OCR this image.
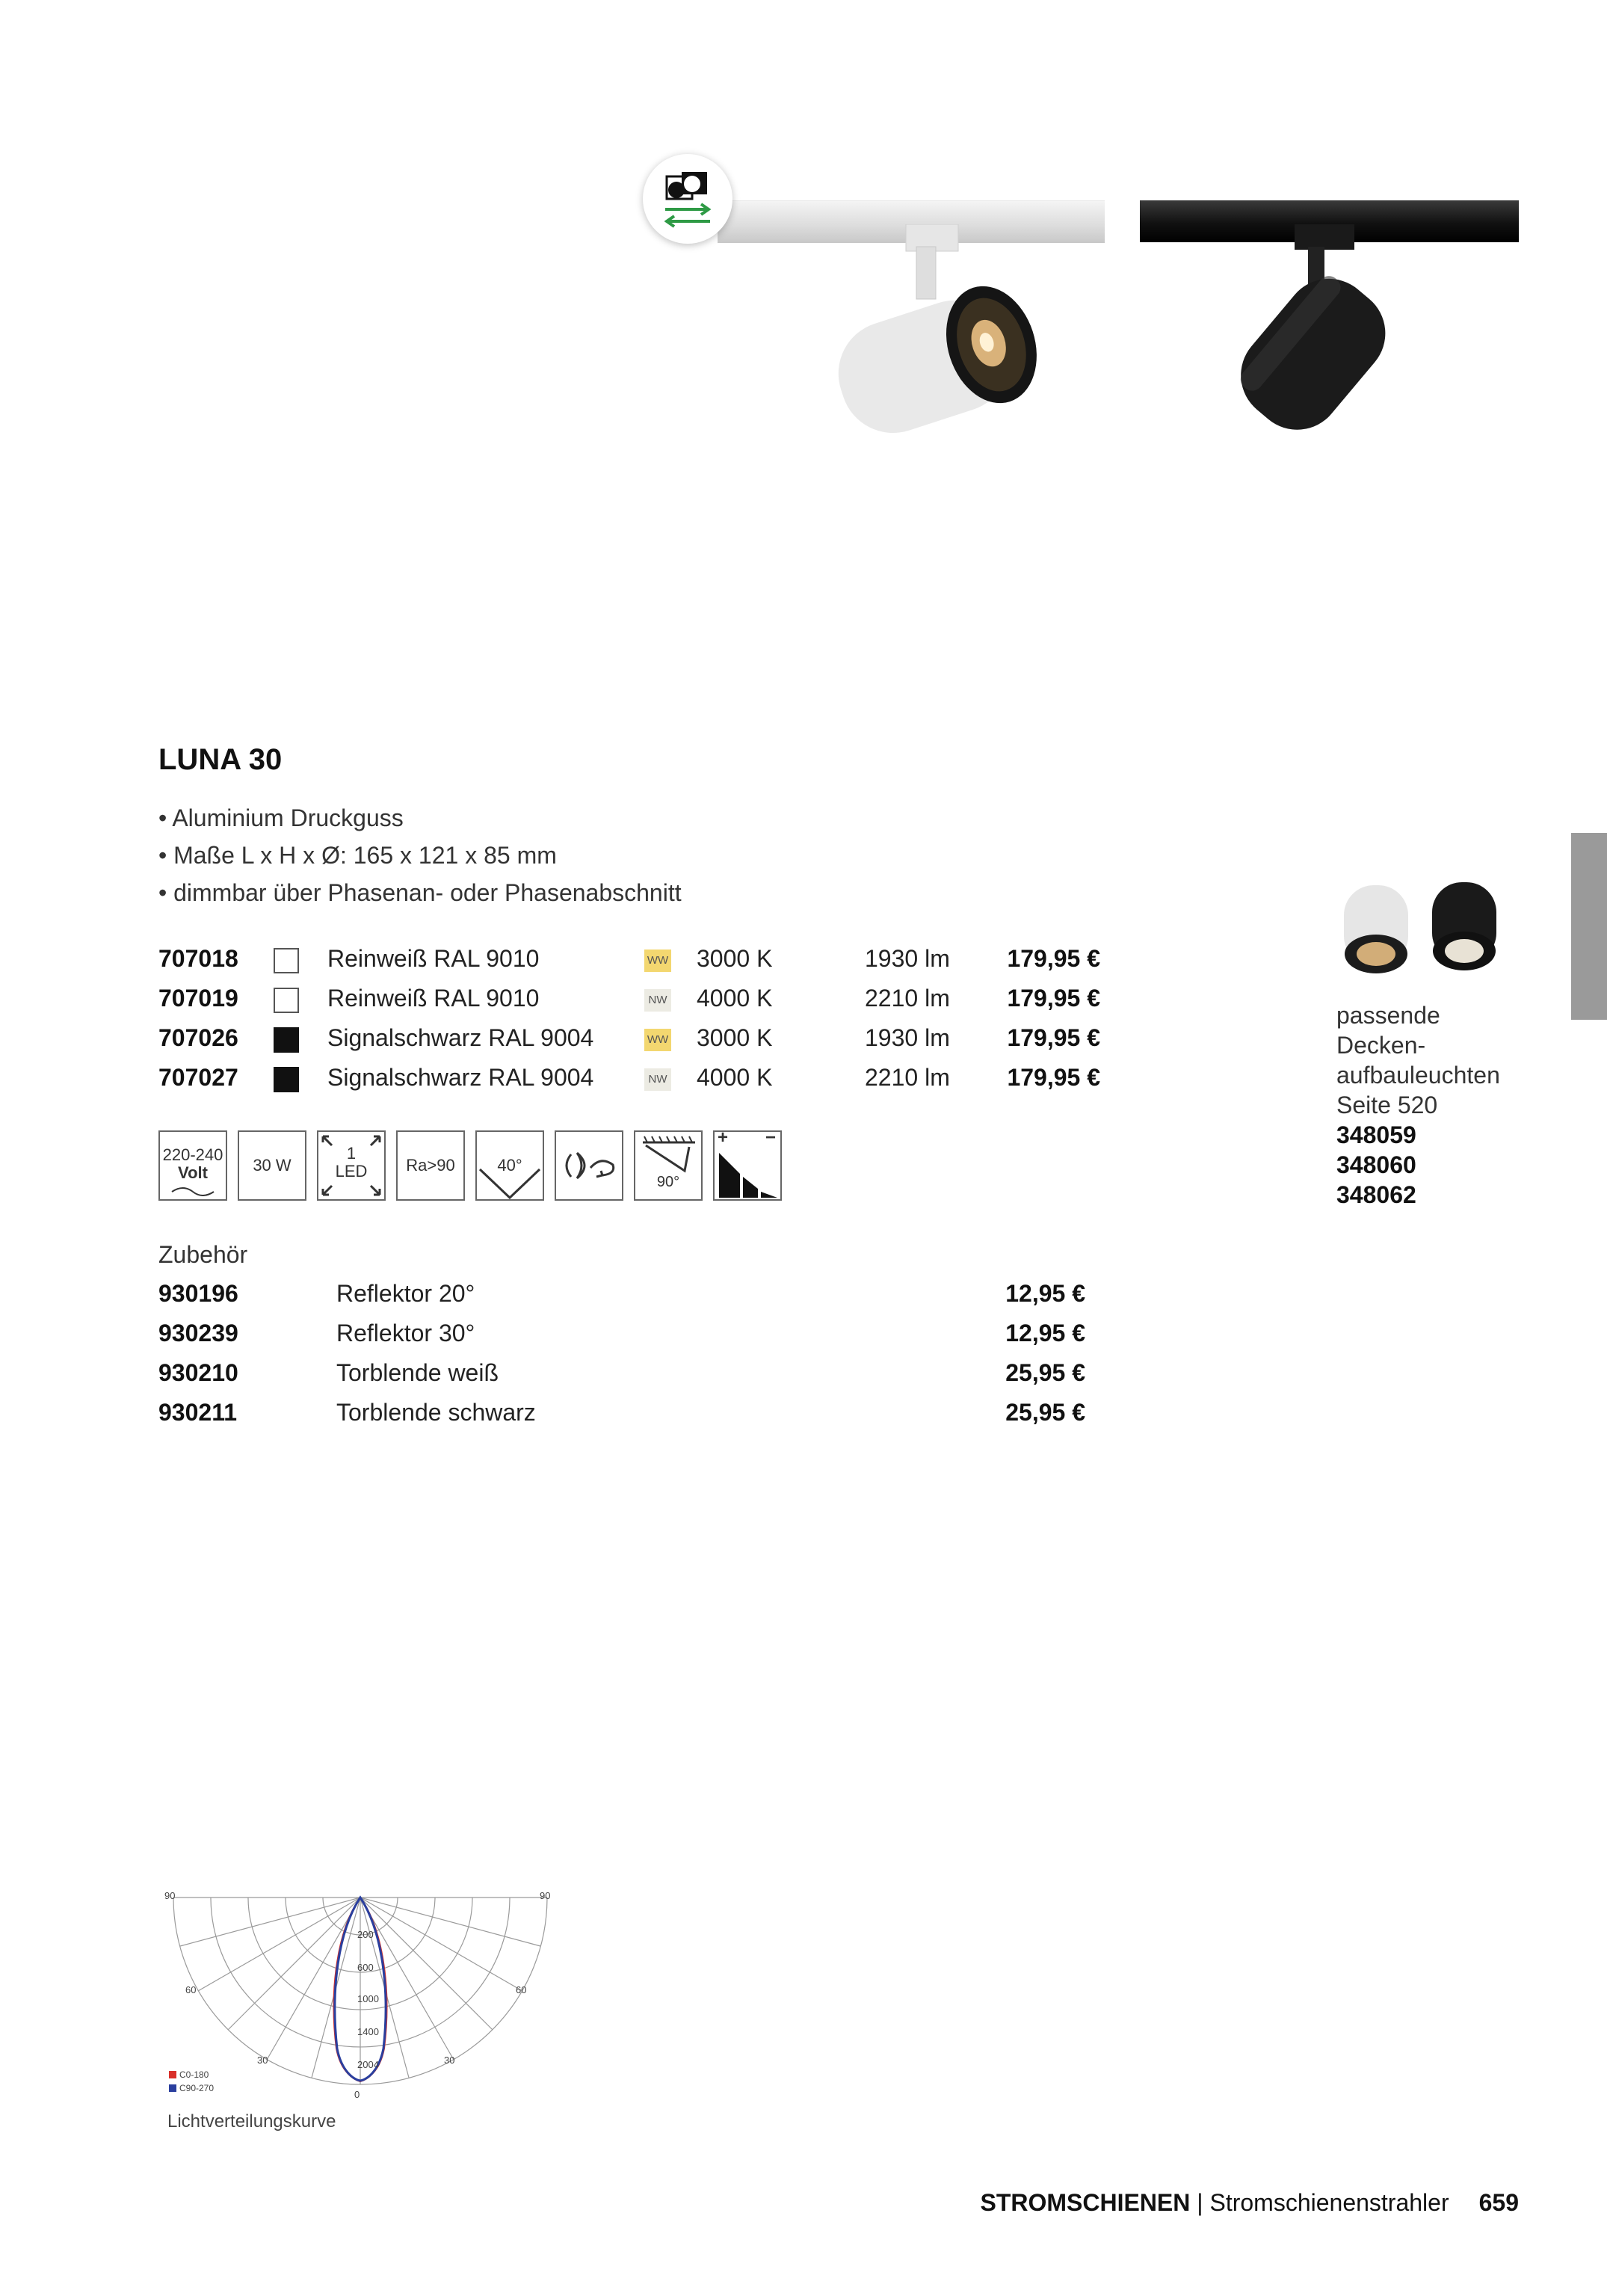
LUNA 30
• Aluminium Druckguss
• Maße L x H x Ø: 165 x 121 x 85 mm
• dimmbar über Phasenan- oder Phasenabschnitt
707018	Reinweiß RAL 9010	WW 3000 K	1930 lm	179,95 €
707019	Reinweiß RAL 9010	NW 4000 K	2210 lm	179,95 €
707026	Signalschwarz RAL 9004	WW 3000 K	1930 lm	179,95 €
707027	Signalschwarz RAL 9004	NW 4000 K	2210 lm	179,95 €
220-240
Volt	30 W
1
LED	Ra>90	40°
90°
+ −
Zubehör
930196	Reflektor 20°	12,95 €
930239	Reflektor 30°	12,95 €
930210	Torblende weiß	25,95 €
930211	Torblende schwarz	25,95 €
passende
Decken-
aufbauleuchten
Seite 520
348059
348060
348062
90	90
60	60
30	30
0
200
600
1000
1400
2004
C0-180
C90-270
Lichtverteilungskurve
STROMSCHIENEN | Stromschienenstrahler 659
